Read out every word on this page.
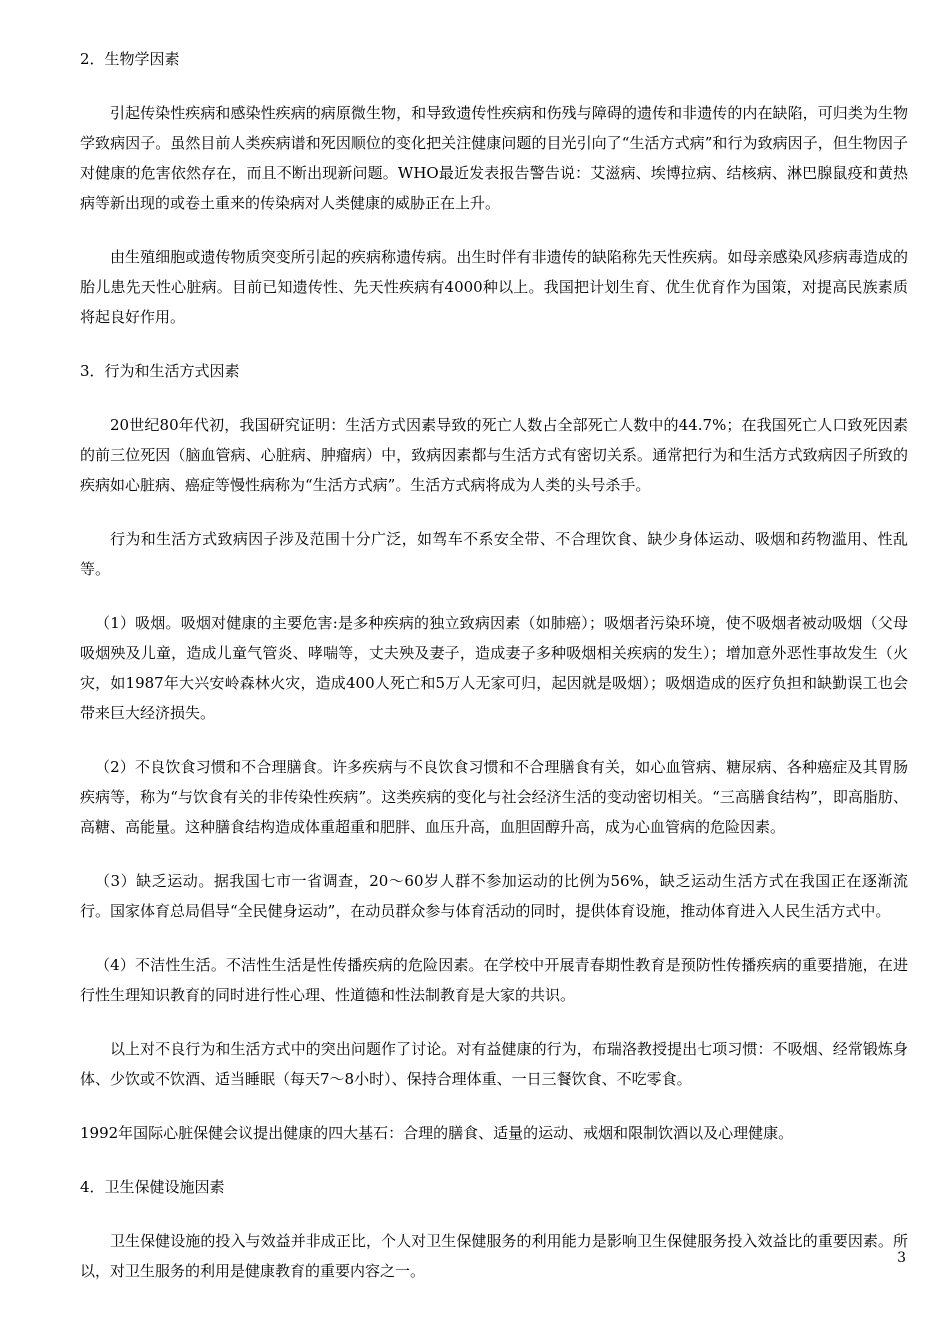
2．生物学因素

引起传染性疾病和感染性疾病的病原微生物，和导致遗传性疾病和伤残与障碍的遗传和非遗传的内在缺陷，可归类为生物学致病因子。虽然目前人类疾病谱和死因顺位的变化把关注健康问题的目光引向了“生活方式病”和行为致病因子，但生物因子对健康的危害依然存在，而且不断出现新问题。WHO最近发表报告警告说：艾滋病、埃博拉病、结核病、淋巴腺鼠疫和黄热病等新出现的或卷土重来的传染病对人类健康的威胁正在上升。

由生殖细胞或遗传物质突变所引起的疾病称遗传病。出生时伴有非遗传的缺陷称先天性疾病。如母亲感染风疹病毒造成的胎儿患先天性心脏病。目前已知遗传性、先天性疾病有4000种以上。我国把计划生育、优生优育作为国策，对提高民族素质将起良好作用。

3．行为和生活方式因素

20世纪80年代初，我国研究证明：生活方式因素导致的死亡人数占全部死亡人数中的44.7%；在我国死亡人口致死因素的前三位死因（脑血管病、心脏病、肿瘤病）中，致病因素都与生活方式有密切关系。通常把行为和生活方式致病因子所致的疾病如心脏病、癌症等慢性病称为“生活方式病”。生活方式病将成为人类的头号杀手。

行为和生活方式致病因子涉及范围十分广泛，如驾车不系安全带、不合理饮食、缺少身体运动、吸烟和药物滥用、性乱等。

（1）吸烟。吸烟对健康的主要危害:是多种疾病的独立致病因素（如肺癌）；吸烟者污染环境，使不吸烟者被动吸烟（父母吸烟殃及儿童，造成儿童气管炎、哮喘等，丈夫殃及妻子，造成妻子多种吸烟相关疾病的发生）；增加意外恶性事故发生（火灾，如1987年大兴安岭森林火灾，造成400人死亡和5万人无家可归，起因就是吸烟）；吸烟造成的医疗负担和缺勤误工也会带来巨大经济损失。

（2）不良饮食习惯和不合理膳食。许多疾病与不良饮食习惯和不合理膳食有关，如心血管病、糖尿病、各种癌症及其胃肠疾病等，称为“与饮食有关的非传染性疾病”。这类疾病的变化与社会经济生活的变动密切相关。“三高膳食结构”，即高脂肪、高糖、高能量。这种膳食结构造成体重超重和肥胖、血压升高，血胆固醇升高，成为心血管病的危险因素。

（3）缺乏运动。据我国七市一省调查，20～60岁人群不参加运动的比例为56%，缺乏运动生活方式在我国正在逐渐流行。国家体育总局倡导“全民健身运动”，在动员群众参与体育活动的同时，提供体育设施，推动体育进入人民生活方式中。

（4）不洁性生活。不洁性生活是性传播疾病的危险因素。在学校中开展青春期性教育是预防性传播疾病的重要措施，在进行性生理知识教育的同时进行性心理、性道德和性法制教育是大家的共识。

以上对不良行为和生活方式中的突出问题作了讨论。对有益健康的行为，布瑞洛教授提出七项习惯：不吸烟、经常锻炼身体、少饮或不饮酒、适当睡眠（每天7～8小时）、保持合理体重、一日三餐饮食、不吃零食。

1992年国际心脏保健会议提出健康的四大基石：合理的膳食、适量的运动、戒烟和限制饮酒以及心理健康。

4．卫生保健设施因素

卫生保健设施的投入与效益并非成正比，个人对卫生保健服务的利用能力是影响卫生保健服务投入效益比的重要因素。所以，对卫生服务的利用是健康教育的重要内容之一。

3
